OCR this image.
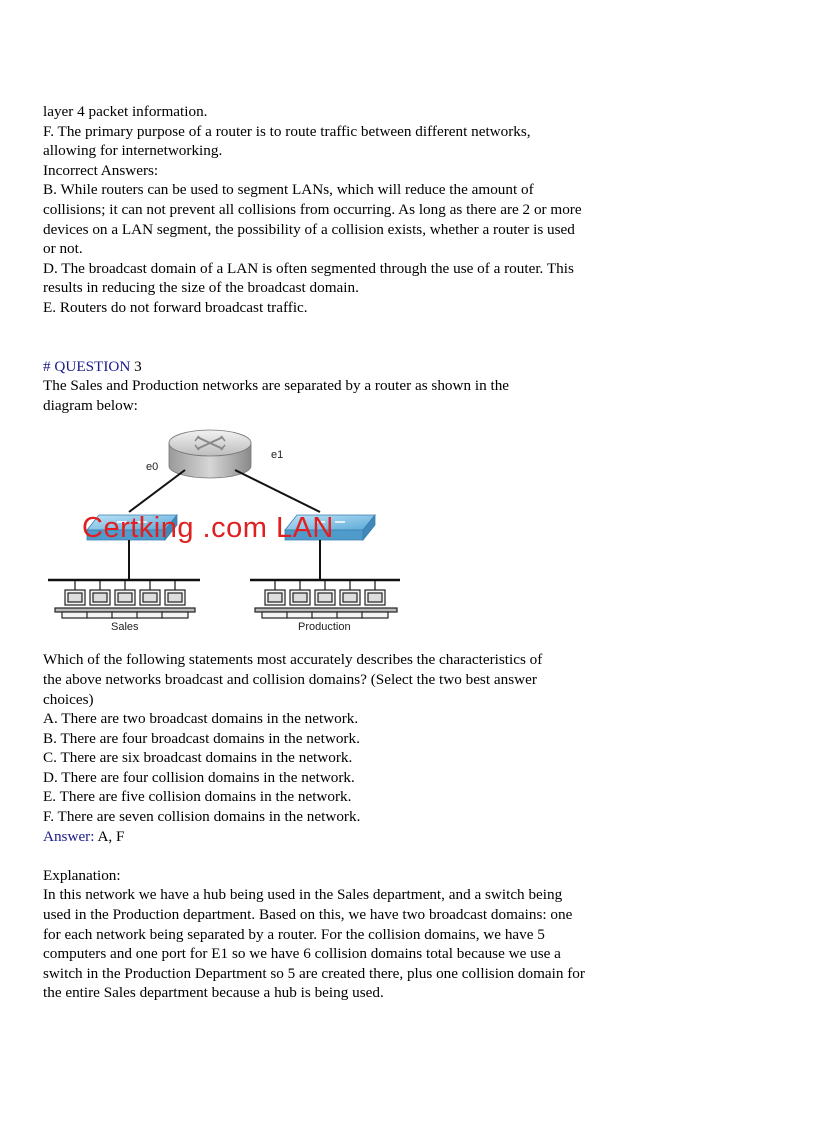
layer 4 packet information.
F. The primary purpose of a router is to route traffic between different networks,
allowing for internetworking.
Incorrect Answers:
B. While routers can be used to segment LANs, which will reduce the amount of
collisions; it can not prevent all collisions from occurring. As long as there are 2 or more
devices on a LAN segment, the possibility of a collision exists, whether a router is used
or not.
D. The broadcast domain of a LAN is often segmented through the use of a router. This
results in reducing the size of the broadcast domain.
E. Routers do not forward broadcast traffic.
# QUESTION 3
The Sales and Production networks are separated by a router as shown in the
diagram below:
e0
e1
Sales	Production
Certking .com LAN
Which of the following statements most accurately describes the characteristics of
the above networks broadcast and collision domains? (Select the two best answer
choices)
A. There are two broadcast domains in the network.
B. There are four broadcast domains in the network.
C. There are six broadcast domains in the network.
D. There are four collision domains in the network.
E. There are five collision domains in the network.
F. There are seven collision domains in the network.
Answer: A, F
Explanation:
In this network we have a hub being used in the Sales department, and a switch being
used in the Production department. Based on this, we have two broadcast domains: one
for each network being separated by a router. For the collision domains, we have 5
computers and one port for E1 so we have 6 collision domains total because we use a
switch in the Production Department so 5 are created there, plus one collision domain for
the entire Sales department because a hub is being used.
